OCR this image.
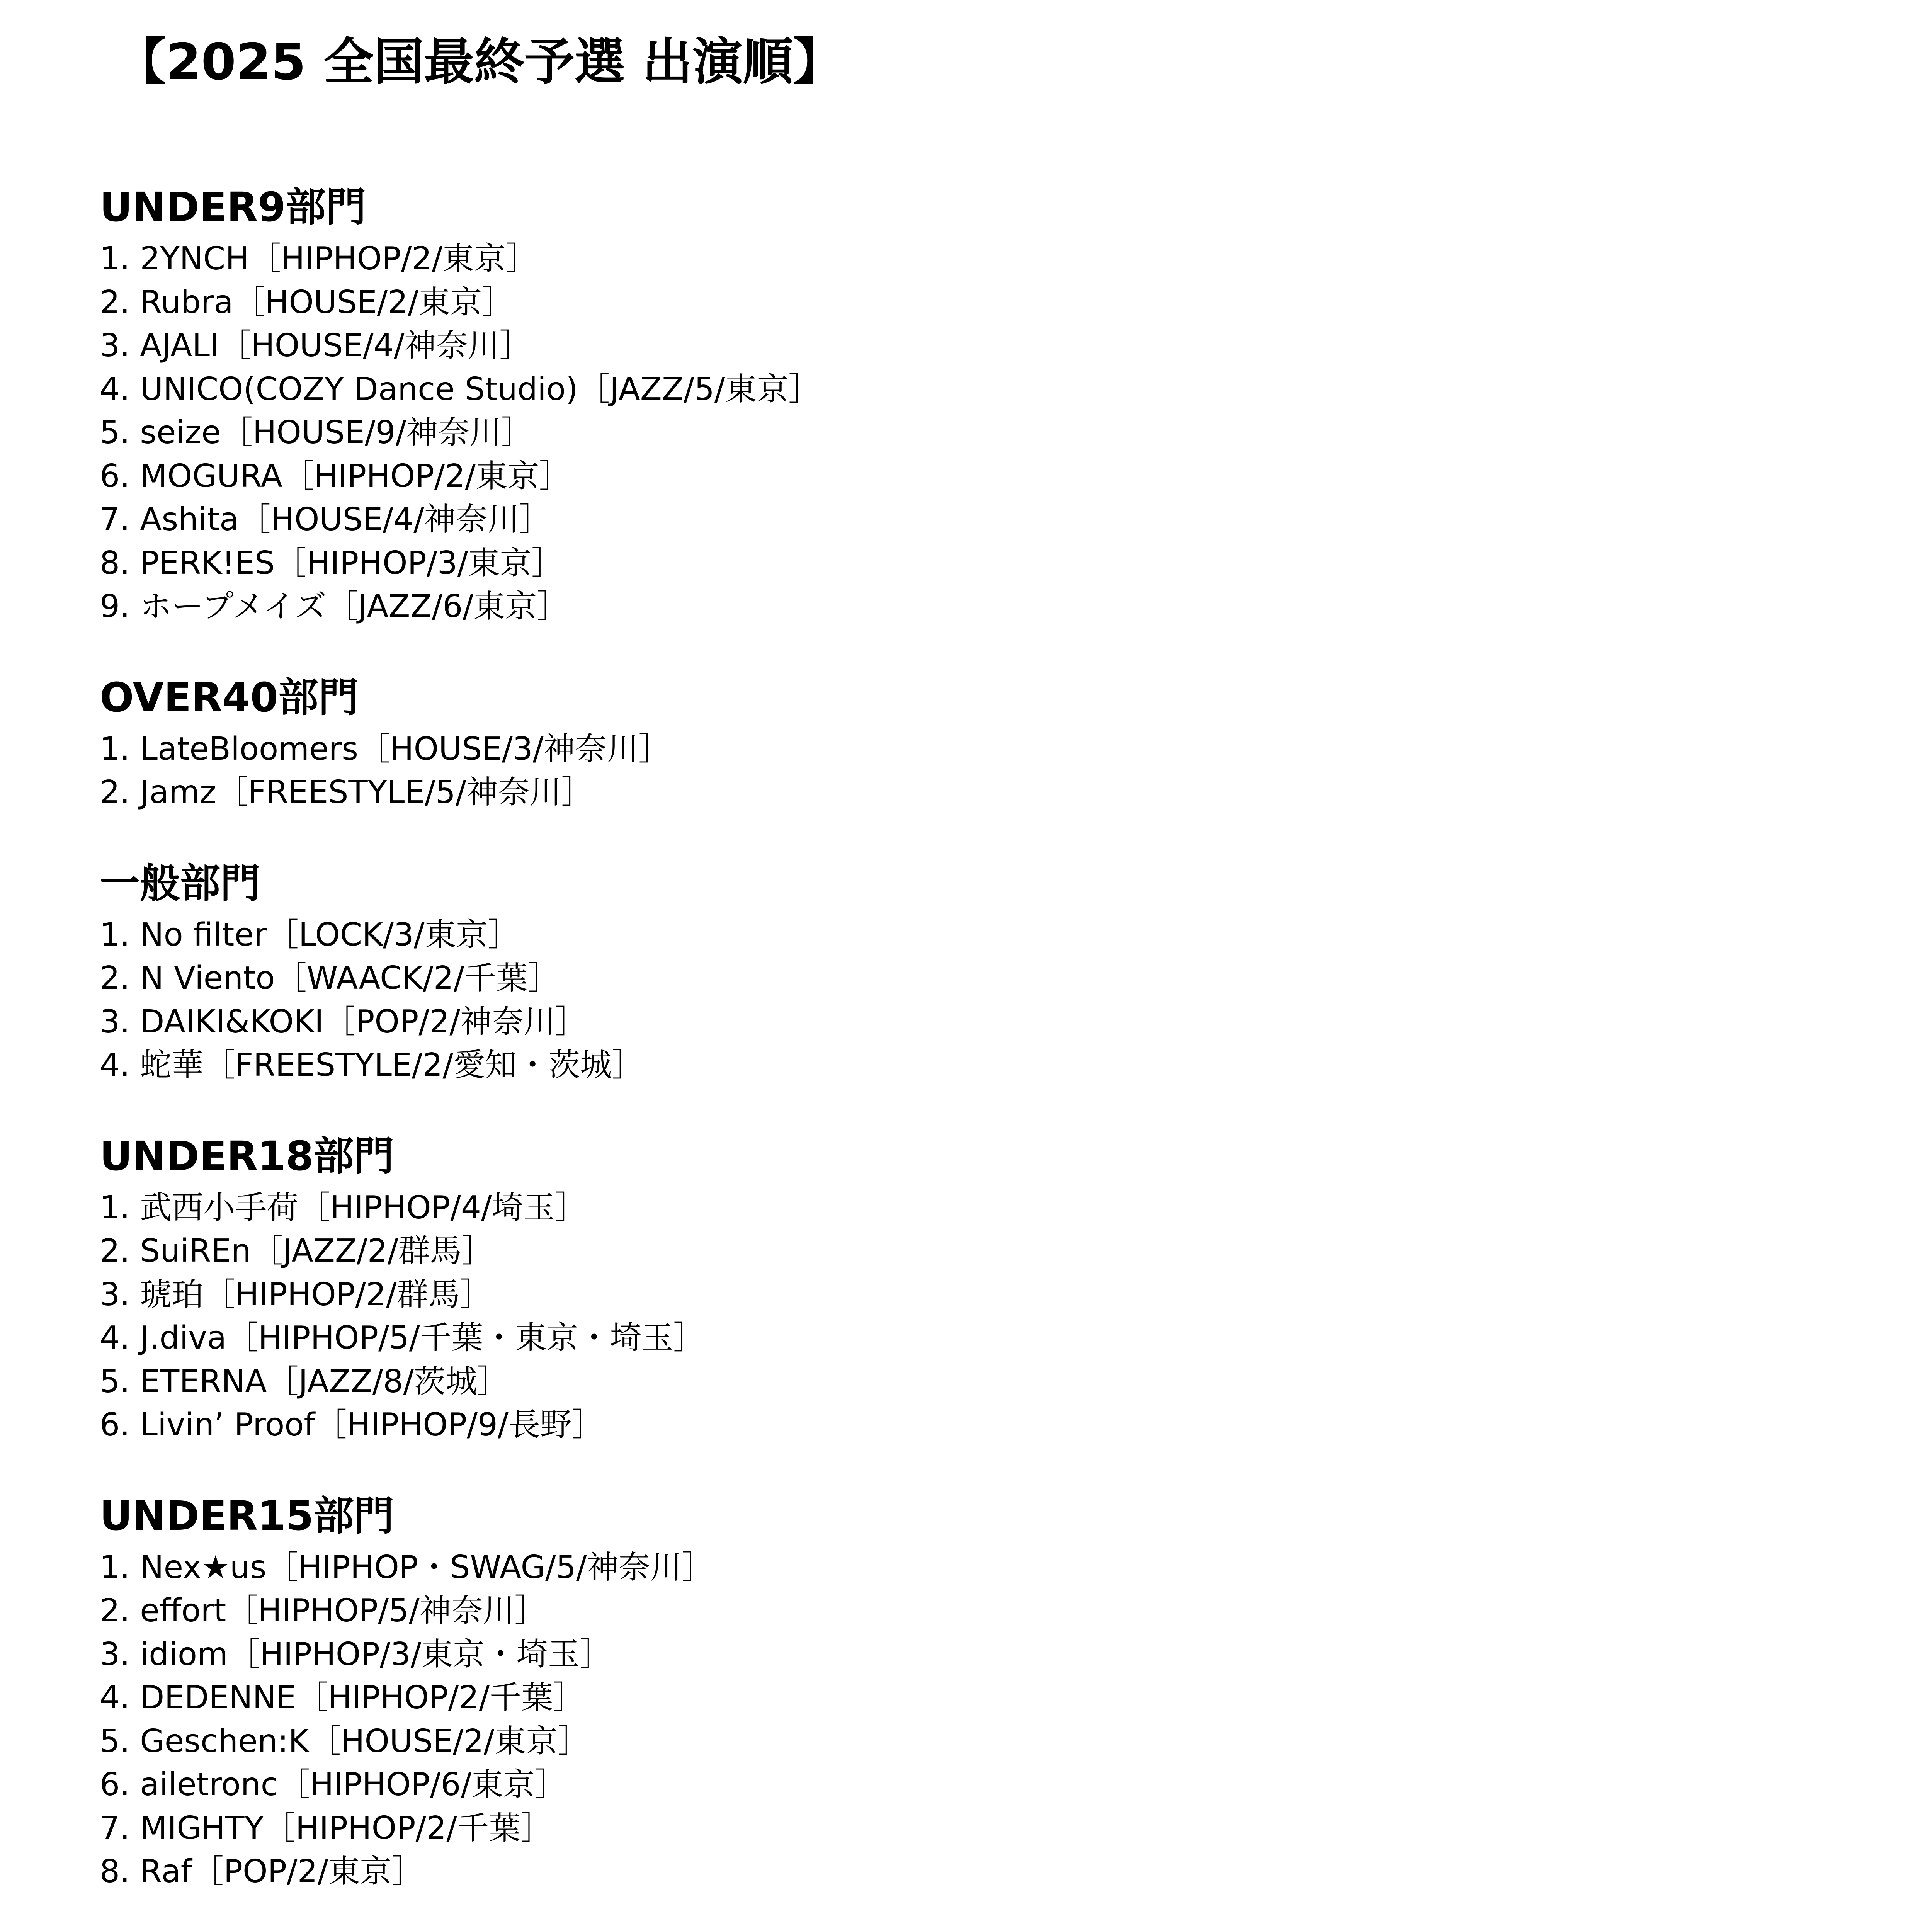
【2025 全国最終予選 出演順】
UNDER9部門
1. 2YNCH［HIPHOP/2/東京］
2. Rubra［HOUSE/2/東京］
3. AJALI［HOUSE/4/神奈川］
4. UNICO(COZY Dance Studio)［JAZZ/5/東京］
5. seize［HOUSE/9/神奈川］
6. MOGURA［HIPHOP/2/東京］
7. Ashita［HOUSE/4/神奈川］
8. PERK!ES［HIPHOP/3/東京］
9. ホープメイズ［JAZZ/6/東京］
OVER40部門
1. LateBloomers［HOUSE/3/神奈川］
2. Jamz［FREESTYLE/5/神奈川］
一般部門
1. No filter［LOCK/3/東京］
2. N Viento［WAACK/2/千葉］
3. DAIKI&KOKI［POP/2/神奈川］
4. 蛇華［FREESTYLE/2/愛知・茨城］
UNDER18部門
1. 武西小手荷［HIPHOP/4/埼玉］
2. SuiREn［JAZZ/2/群馬］
3. 琥珀［HIPHOP/2/群馬］
4. J.diva［HIPHOP/5/千葉・東京・埼玉］
5. ETERNA［JAZZ/8/茨城］
6. Livin’ Proof［HIPHOP/9/長野］
UNDER15部門
1. Nex★us［HIPHOP・SWAG/5/神奈川］
2. effort［HIPHOP/5/神奈川］
3. idiom［HIPHOP/3/東京・埼玉］
4. DEDENNE［HIPHOP/2/千葉］
5. Geschen:K［HOUSE/2/東京］
6. ailetronc［HIPHOP/6/東京］
7. MIGHTY［HIPHOP/2/千葉］
8. Raf［POP/2/東京］
